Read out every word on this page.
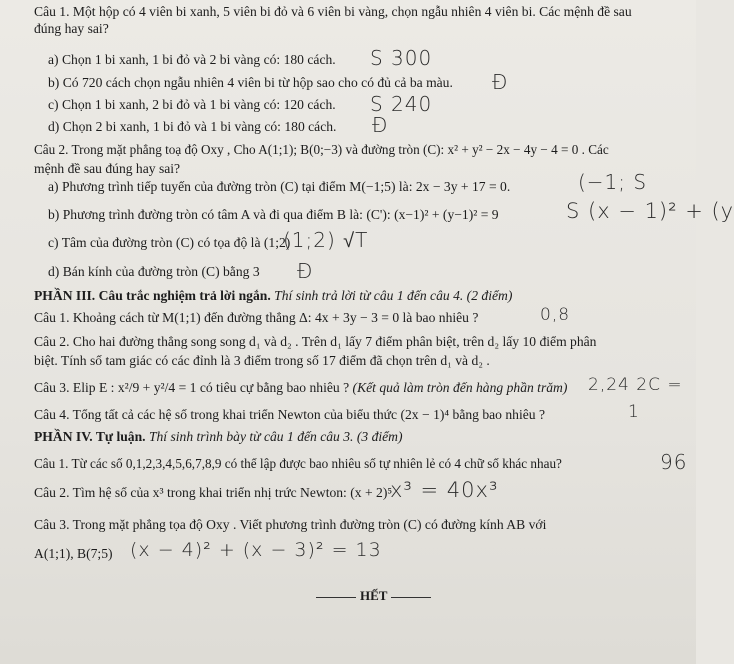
Câu 1. Một hộp có 4 viên bi xanh, 5 viên bi đỏ và 6 viên bi vàng, chọn ngẫu nhiên 4 viên bi. Các mệnh đề sau
đúng hay sai?
a) Chọn 1 bi xanh, 1 bi đỏ và 2 bi vàng có: 180 cách.
b) Có 720 cách chọn ngẫu nhiên 4 viên bi từ hộp sao cho có đủ cả ba màu.
c) Chọn 1 bi xanh, 2 bi đỏ và 1 bi vàng có: 120 cách.
d) Chọn 2 bi xanh, 1 bi đỏ và 1 bi vàng có: 180 cách.
Câu 2. Trong mặt phẳng toạ độ Oxy , Cho A(1;1); B(0;−3) và đường tròn (C): x² + y² − 2x − 4y − 4 = 0 . Các
mệnh đề sau đúng hay sai?
a) Phương trình tiếp tuyến của đường tròn (C) tại điểm M(−1;5) là: 2x − 3y + 17 = 0.
b) Phương trình đường tròn có tâm A và đi qua điểm B là: (C'): (x−1)² + (y−1)² = 9
c) Tâm của đường tròn (C) có tọa độ là (1;2)
d) Bán kính của đường tròn (C) bằng 3
PHẦN III. Câu trắc nghiệm trả lời ngắn. Thí sinh trả lời từ câu 1 đến câu 4. (2 điểm)
Câu 1. Khoảng cách từ M(1;1) đến đường thẳng Δ: 4x + 3y − 3 = 0 là bao nhiêu ?
Câu 2. Cho hai đường thẳng song song d₁ và d₂ . Trên d₁ lấy 7 điểm phân biệt, trên d₂ lấy 10 điểm phân
biệt. Tính số tam giác có các đỉnh là 3 điểm trong số 17 điểm đã chọn trên d₁ và d₂ .
Câu 3. Elip E : x²/9 + y²/4 = 1 có tiêu cự bằng bao nhiêu ? (Kết quả làm tròn đến hàng phần trăm)
Câu 4. Tổng tất cả các hệ số trong khai triển Newton của biểu thức (2x − 1)⁴ bằng bao nhiêu ?
PHẦN IV. Tự luận. Thí sinh trình bày từ câu 1 đến câu 3. (3 điểm)
Câu 1. Từ các số 0,1,2,3,4,5,6,7,8,9 có thể lập được bao nhiêu số tự nhiên lẻ có 4 chữ số khác nhau?
Câu 2. Tìm hệ số của x³ trong khai triển nhị trức Newton: (x + 2)⁵
Câu 3. Trong mặt phẳng tọa độ Oxy . Viết phương trình đường tròn (C) có đường kính AB với
A(1;1), B(7;5)
HẾT
S 300
Đ
S 240
Đ
(−1; S
S (x − 1)² + (y
(1;2) √T
Đ
0,8
2,24 2C =
1
96
x³ = 40x³
(x − 4)² + (x − 3)² = 13
